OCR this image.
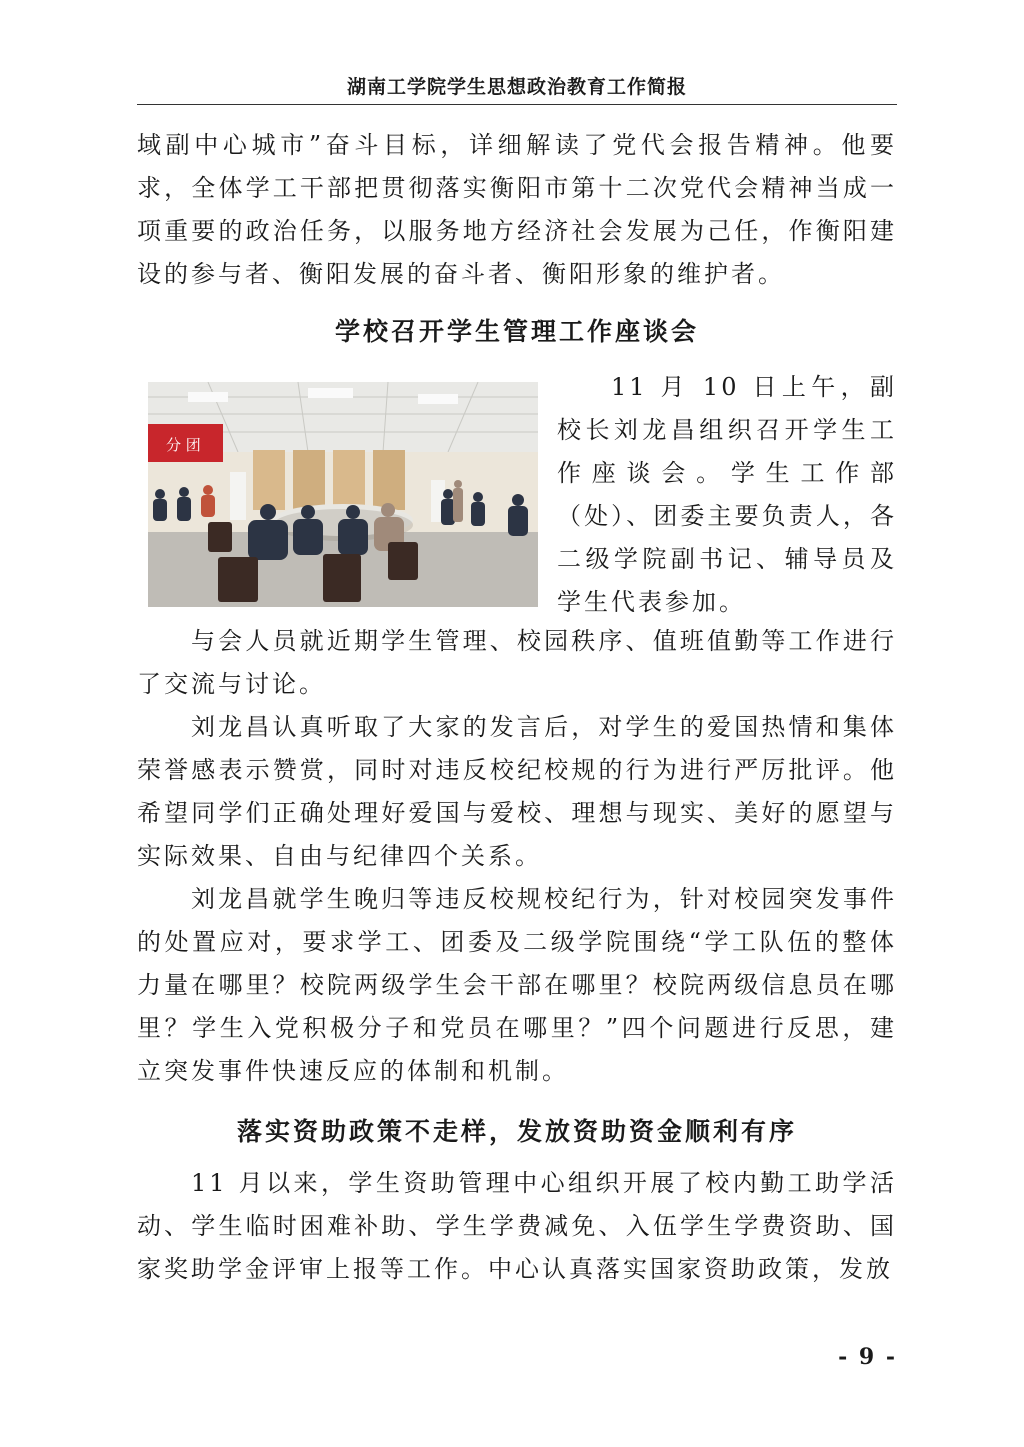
湖南工学院学生思想政治教育工作简报

域副中心城市”奋斗目标，详细解读了党代会报告精神。他要求，全体学工干部把贯彻落实衡阳市第十二次党代会精神当成一项重要的政治任务，以服务地方经济社会发展为己任，作衡阳建设的参与者、衡阳发展的奋斗者、衡阳形象的维护者。

学校召开学生管理工作座谈会
分 团

11 月 10 日上午，副校长刘龙昌组织召开学生工作座谈会。学生工作部（处）、团委主要负责人，各二级学院副书记、辅导员及学生代表参加。

与会人员就近期学生管理、校园秩序、值班值勤等工作进行了交流与讨论。

刘龙昌认真听取了大家的发言后，对学生的爱国热情和集体荣誉感表示赞赏，同时对违反校纪校规的行为进行严厉批评。他希望同学们正确处理好爱国与爱校、理想与现实、美好的愿望与实际效果、自由与纪律四个关系。

刘龙昌就学生晚归等违反校规校纪行为，针对校园突发事件的处置应对，要求学工、团委及二级学院围绕“学工队伍的整体力量在哪里？校院两级学生会干部在哪里？校院两级信息员在哪里？学生入党积极分子和党员在哪里？”四个问题进行反思，建立突发事件快速反应的体制和机制。

落实资助政策不走样，发放资助资金顺利有序

11 月以来，学生资助管理中心组织开展了校内勤工助学活动、学生临时困难补助、学生学费减免、入伍学生学费资助、国家奖助学金评审上报等工作。中心认真落实国家资助政策，发放

- 9 -
